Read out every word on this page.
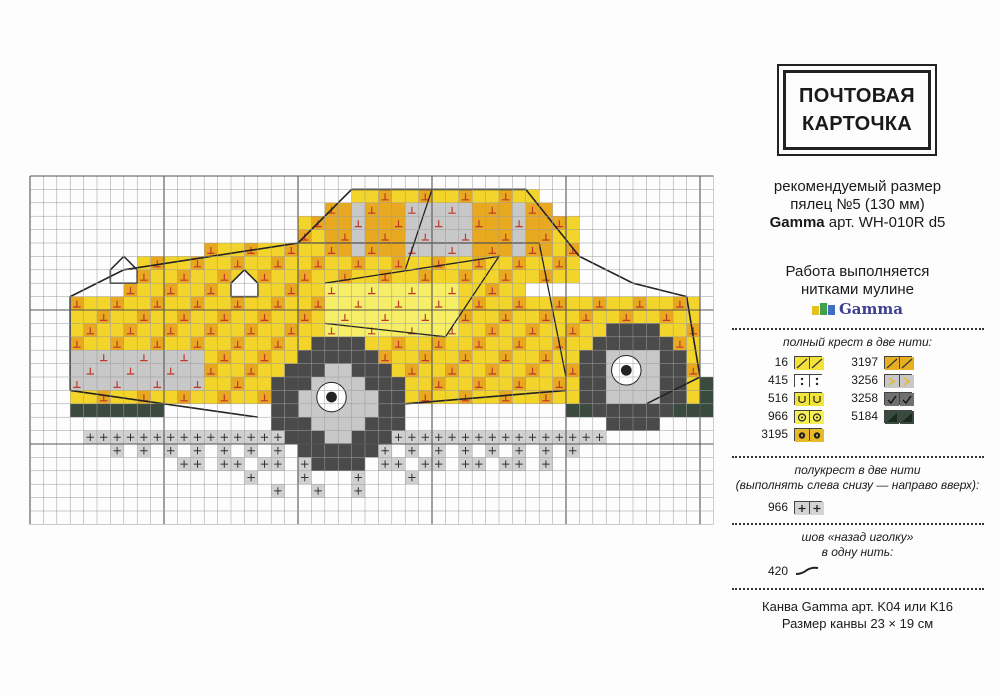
ПОЧТОВАЯ
КАРТОЧКА
рекомендуемый размер
пялец №5 (130 мм)
Gamma арт. WH-010R d5
Работа выполняется
нитками мулине
Gamma
полный крест в две нити:
16
415
516
966
3195
3197
3256
3258
5184
полукрест в две нити
(выполнять слева снизу — направо вверх):
966
шов «назад иголку»
в одну нить:
420
Канва Gamma арт. K04 или K16
Размер канвы 23 × 19 см
